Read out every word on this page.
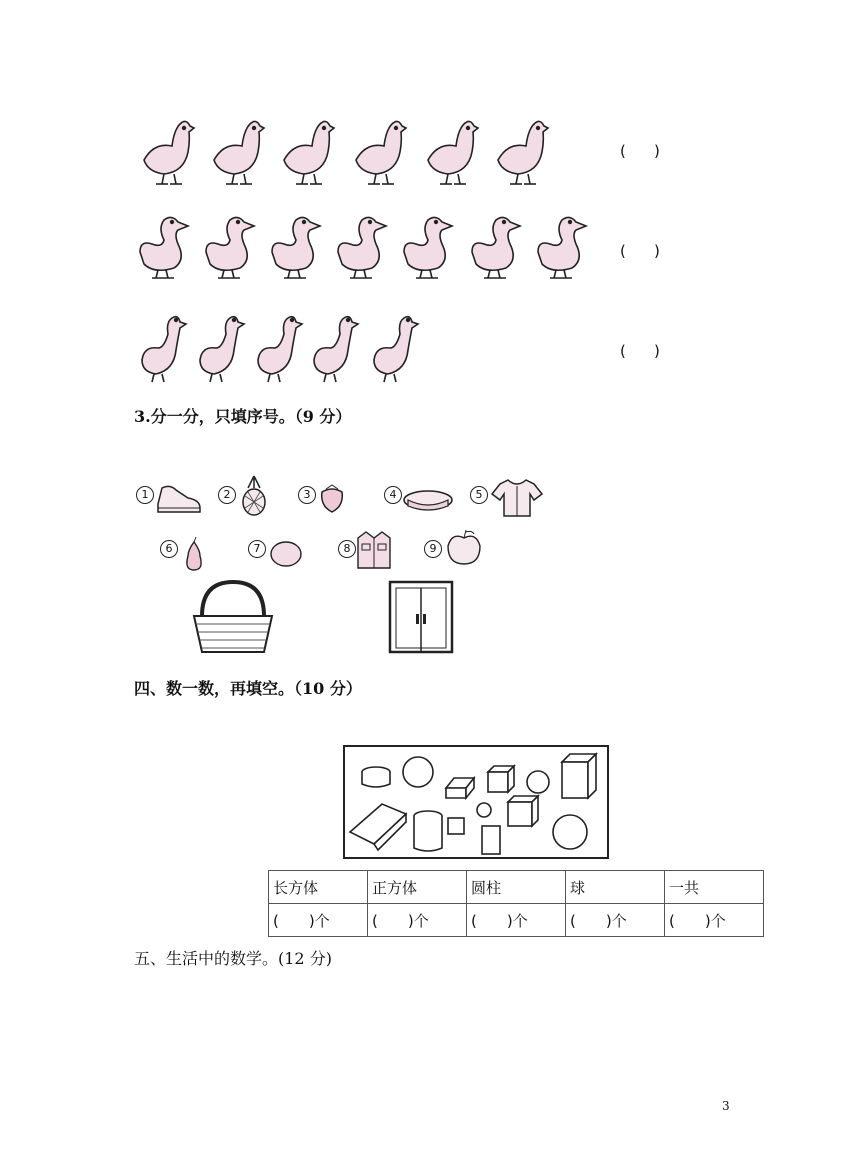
( )
( )
( )
3.分一分，只填序号。（9 分）
1	2	3	4	5
6	7	8	9
四、数一数，再填空。（10 分）
长方体	正方体	圆柱	球	一共
(　　)个	(　　)个	(　　)个	(　　)个	(　　)个
五、生活中的数学。(12 分)
3
